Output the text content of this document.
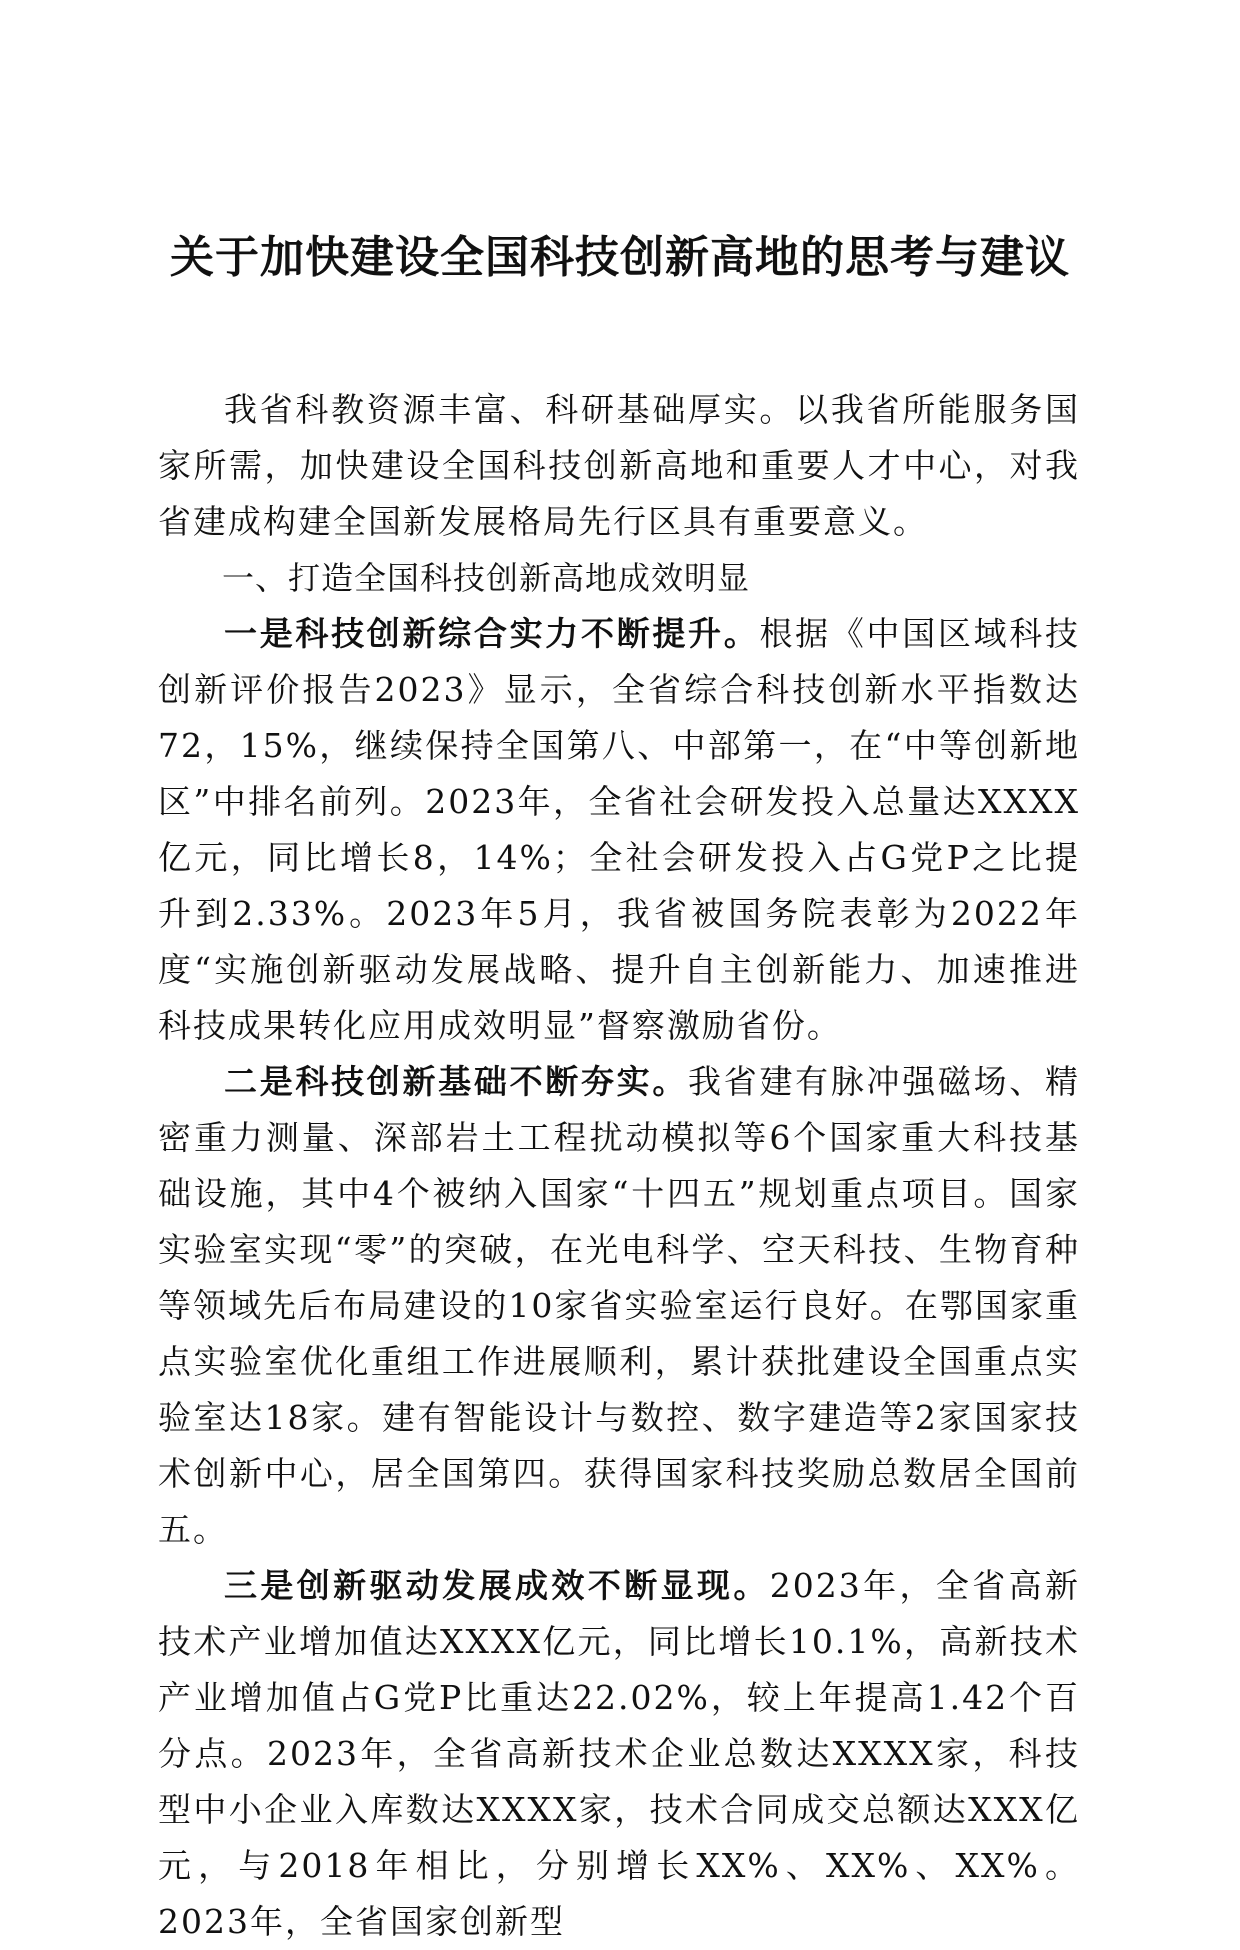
关于加快建设全国科技创新高地的思考与建议

我省科教资源丰富、科研基础厚实。以我省所能服务国家所需，加快建设全国科技创新高地和重要人才中心，对我省建成构建全国新发展格局先行区具有重要意义。

一、打造全国科技创新高地成效明显

一是科技创新综合实力不断提升。根据《中国区域科技创新评价报告2023》显示，全省综合科技创新水平指数达72，15%，继续保持全国第八、中部第一，在“中等创新地区”中排名前列。2023年，全省社会研发投入总量达XXXX亿元，同比增长8，14%；全社会研发投入占G党P之比提升到2.33%。2023年5月，我省被国务院表彰为2022年度“实施创新驱动发展战略、提升自主创新能力、加速推进科技成果转化应用成效明显”督察激励省份。

二是科技创新基础不断夯实。我省建有脉冲强磁场、精密重力测量、深部岩土工程扰动模拟等6个国家重大科技基础设施，其中4个被纳入国家“十四五”规划重点项目。国家实验室实现“零”的突破，在光电科学、空天科技、生物育种等领域先后布局建设的10家省实验室运行良好。在鄂国家重点实验室优化重组工作进展顺利，累计获批建设全国重点实验室达18家。建有智能设计与数控、数字建造等2家国家技术创新中心，居全国第四。获得国家科技奖励总数居全国前五。

三是创新驱动发展成效不断显现。2023年，全省高新技术产业增加值达XXXX亿元，同比增长10.1%，高新技术产业增加值占G党P比重达22.02%，较上年提高1.42个百分点。2023年，全省高新技术企业总数达XXXX家，科技型中小企业入库数达XXXX家，技术合同成交总额达XXX亿元，与2018年相比，分别增长XX%、XX%、XX%。2023年，全省国家创新型
